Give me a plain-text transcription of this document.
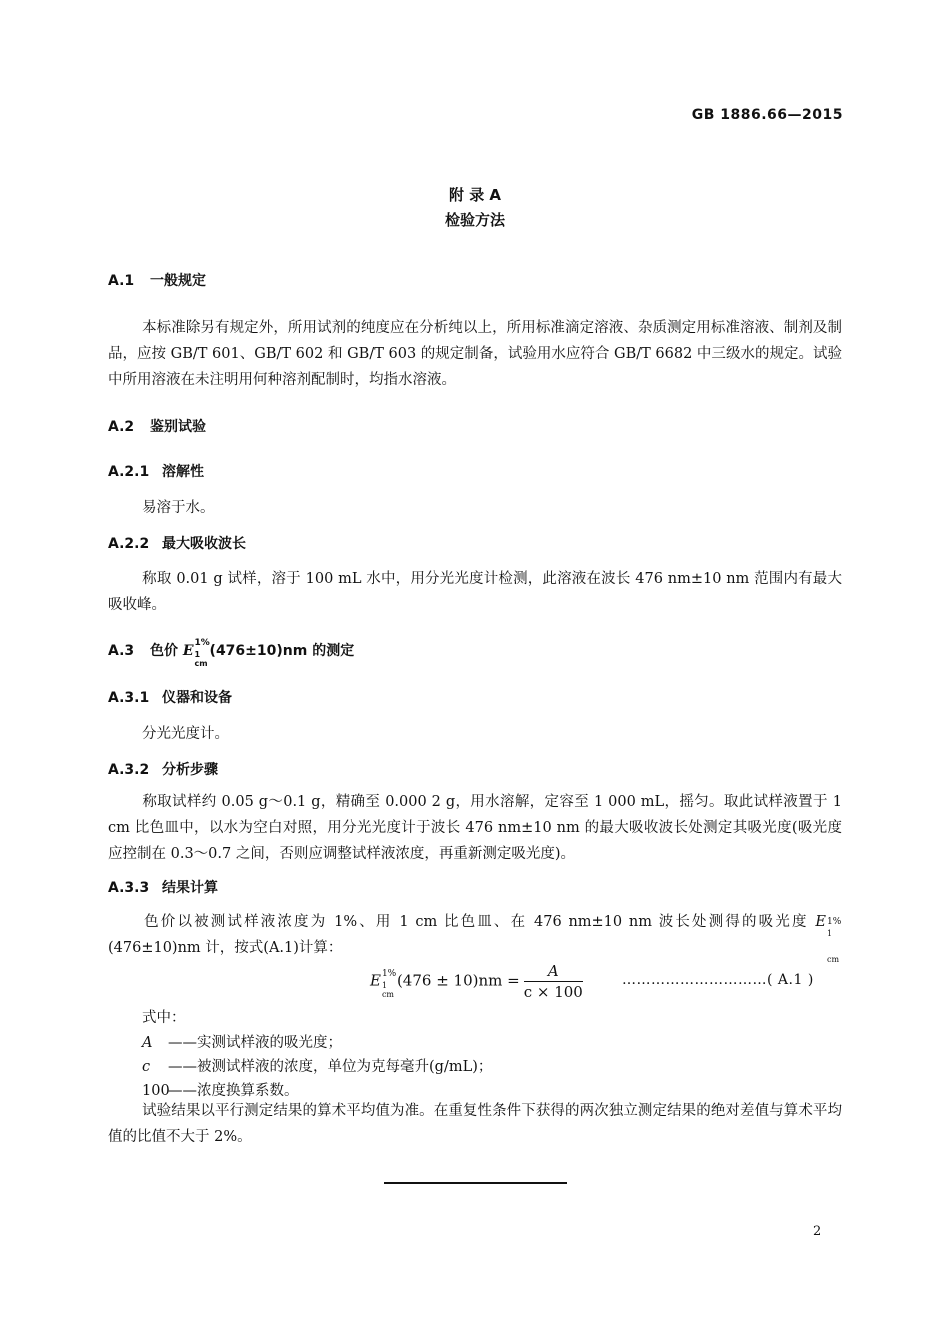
GB 1886.66—2015
附 录 A
检验方法
A.1 一般规定
本标准除另有规定外，所用试剂的纯度应在分析纯以上，所用标准滴定溶液、杂质测定用标准溶液、制剂及制品，应按 GB/T 601、GB/T 602 和 GB/T 603 的规定制备，试验用水应符合 GB/T 6682 中三级水的规定。试验中所用溶液在未注明用何种溶剂配制时，均指水溶液。
A.2 鉴别试验
A.2.1 溶解性
易溶于水。
A.2.2 最大吸收波长
称取 0.01 g 试样，溶于 100 mL 水中，用分光光度计检测，此溶液在波长 476 nm±10 nm 范围内有最大吸收峰。
A.3 色价 E 1%
1 cm
(476±10)nm 的测定
A.3.1 仪器和设备
分光光度计。
A.3.2 分析步骤
称取试样约 0.05 g～0.1 g，精确至 0.000 2 g，用水溶解，定容至 1 000 mL，摇匀。取此试样液置于 1 cm 比色皿中，以水为空白对照，用分光光度计于波长 476 nm±10 nm 的最大吸收波长处测定其吸光度(吸光度应控制在 0.3～0.7 之间，否则应调整试样液浓度，再重新测定吸光度)。
A.3.3 结果计算
色价以被测试样液浓度为 1%、用 1 cm 比色皿、在 476 nm±10 nm 波长处测得的吸光度 E 1%
1 cm
(476±10)nm 计，按式(A.1)计算：
E 1%
1 cm
$(476 \pm 10)nm = \frac{A}{c \times 100}$	…………………………( A.1 )
式中：
A ——实测试样液的吸光度；
c ——被测试样液的浓度，单位为克每毫升(g/mL)；
100——浓度换算系数。
试验结果以平行测定结果的算术平均值为准。在重复性条件下获得的两次独立测定结果的绝对差值与算术平均值的比值不大于 2%。
2
